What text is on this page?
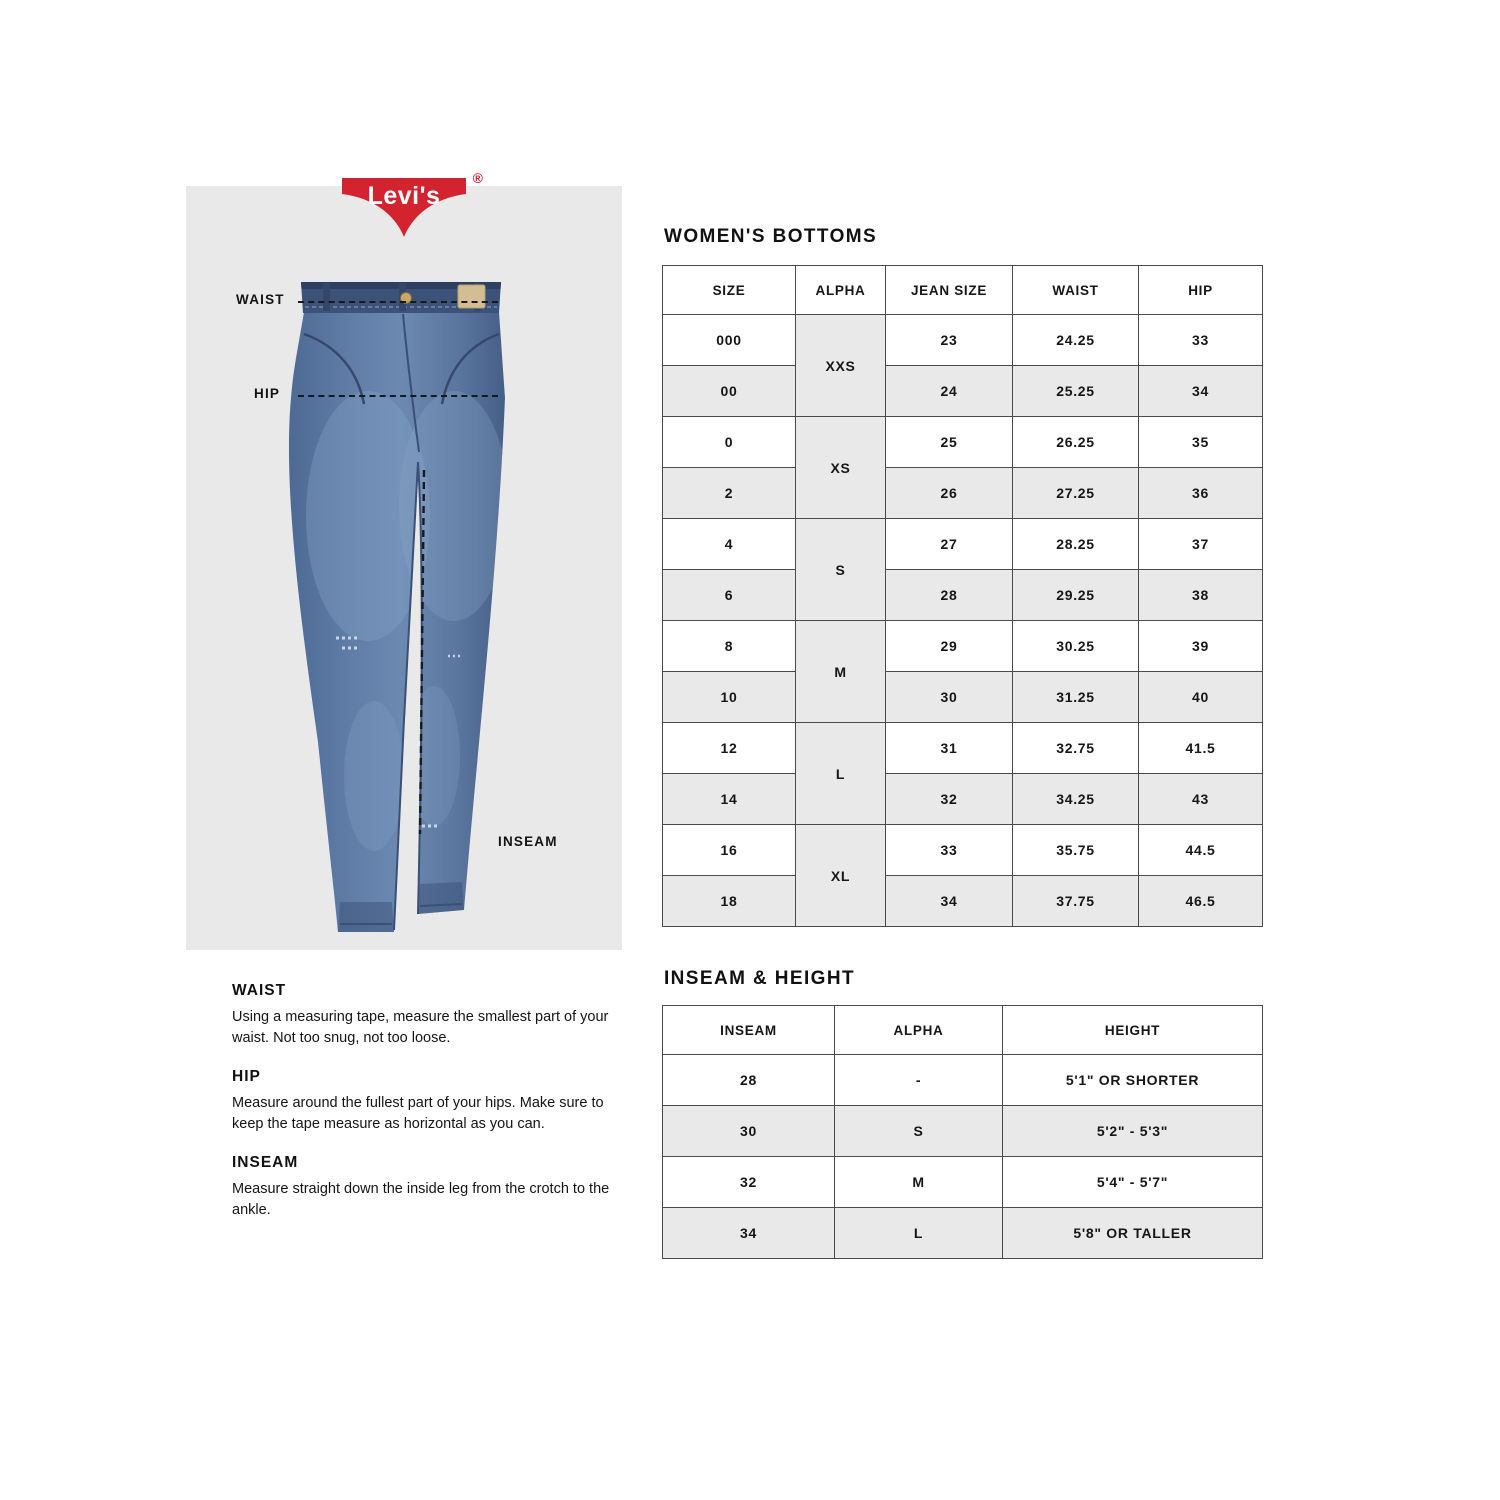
Levi's
®
WAIST
HIP
INSEAM
WAIST

Using a measuring tape, measure the smallest part of your waist. Not too snug, not too loose.

HIP

Measure around the fullest part of your hips. Make sure to keep the tape measure as horizontal as you can.

INSEAM

Measure straight down the inside leg from the crotch to the ankle.

WOMEN'S BOTTOMS
SIZE	ALPHA	JEAN SIZE	WAIST	HIP
000	XXS	23	24.25	33
00		24	25.25	34
0	XS	25	26.25	35
2		26	27.25	36
4	S	27	28.25	37
6		28	29.25	38
8	M	29	30.25	39
10		30	31.25	40
12	L	31	32.75	41.5
14		32	34.25	43
16	XL	33	35.75	44.5
18		34	37.75	46.5
INSEAM & HEIGHT
INSEAM	ALPHA	HEIGHT
28	-	5'1" OR SHORTER
30	S	5'2" - 5'3"
32	M	5'4" - 5'7"
34	L	5'8" OR TALLER
